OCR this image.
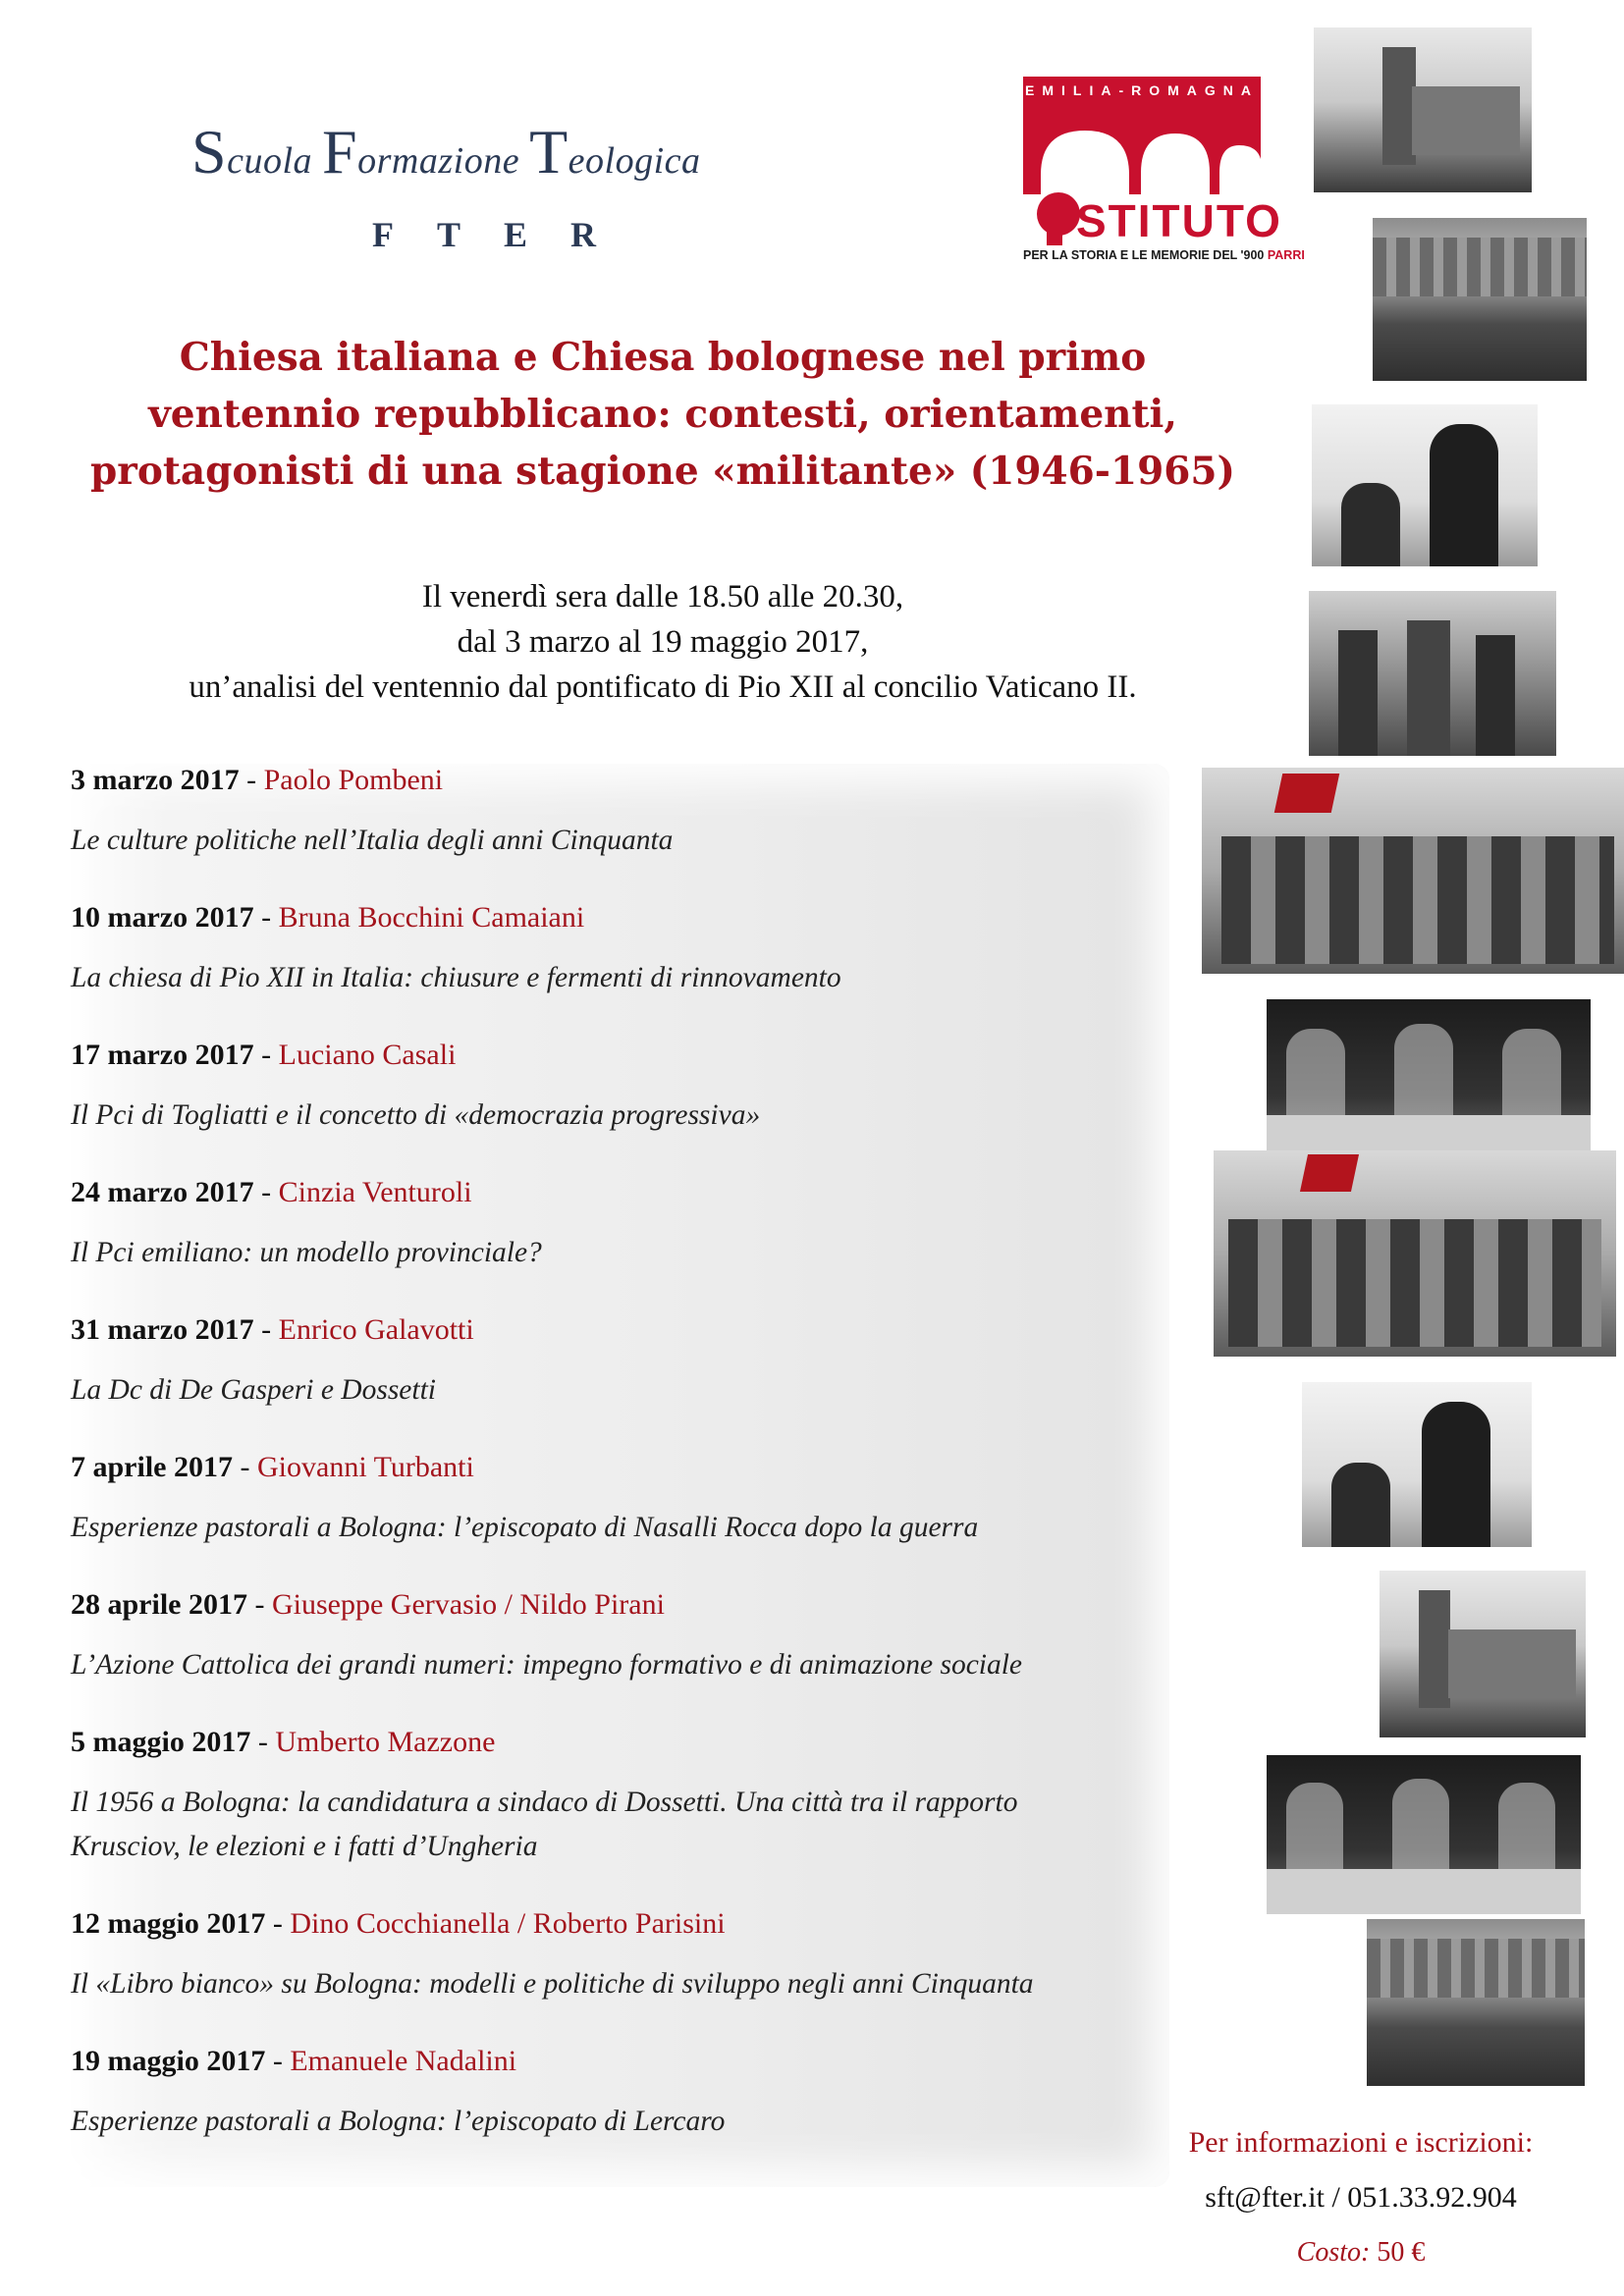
Scuola Formazione Teologica
FTER
EMILIA-ROMAGNA
STITUTO
PER LA STORIA E LE MEMORIE DEL '900 PARRI
Chiesa italiana e Chiesa bolognese nel primo
ventennio repubblicano: contesti, orientamenti,
protagonisti di una stagione «militante» (1946-1965)
Il venerdì sera dalle 18.50 alle 20.30,
dal 3 marzo al 19 maggio 2017,
un’analisi del ventennio dal pontificato di Pio XII al concilio Vaticano II.
3 marzo 2017 - Paolo Pombeni
Le culture politiche nell’Italia degli anni Cinquanta
10 marzo 2017 - Bruna Bocchini Camaiani
La chiesa di Pio XII in Italia: chiusure e fermenti di rinnovamento
17 marzo 2017 - Luciano Casali
Il Pci di Togliatti e il concetto di «democrazia progressiva»
24 marzo 2017 - Cinzia Venturoli
Il Pci emiliano: un modello provinciale?
31 marzo 2017 - Enrico Galavotti
La Dc di De Gasperi e Dossetti
7 aprile 2017 - Giovanni Turbanti
Esperienze pastorali a Bologna: l’episcopato di Nasalli Rocca dopo la guerra
28 aprile 2017 - Giuseppe Gervasio / Nildo Pirani
L’Azione Cattolica dei grandi numeri: impegno formativo e di animazione sociale
5 maggio 2017 - Umberto Mazzone
Il 1956 a Bologna: la candidatura a sindaco di Dossetti. Una città tra il rapporto
Krusciov, le elezioni e i fatti d’Ungheria
12 maggio 2017 - Dino Cocchianella / Roberto Parisini
Il «Libro bianco» su Bologna: modelli e politiche di sviluppo negli anni Cinquanta
19 maggio 2017 - Emanuele Nadalini
Esperienze pastorali a Bologna: l’episcopato di Lercaro
Per informazioni e iscrizioni:
sft@fter.it / 051.33.92.904
Costo: 50 €
